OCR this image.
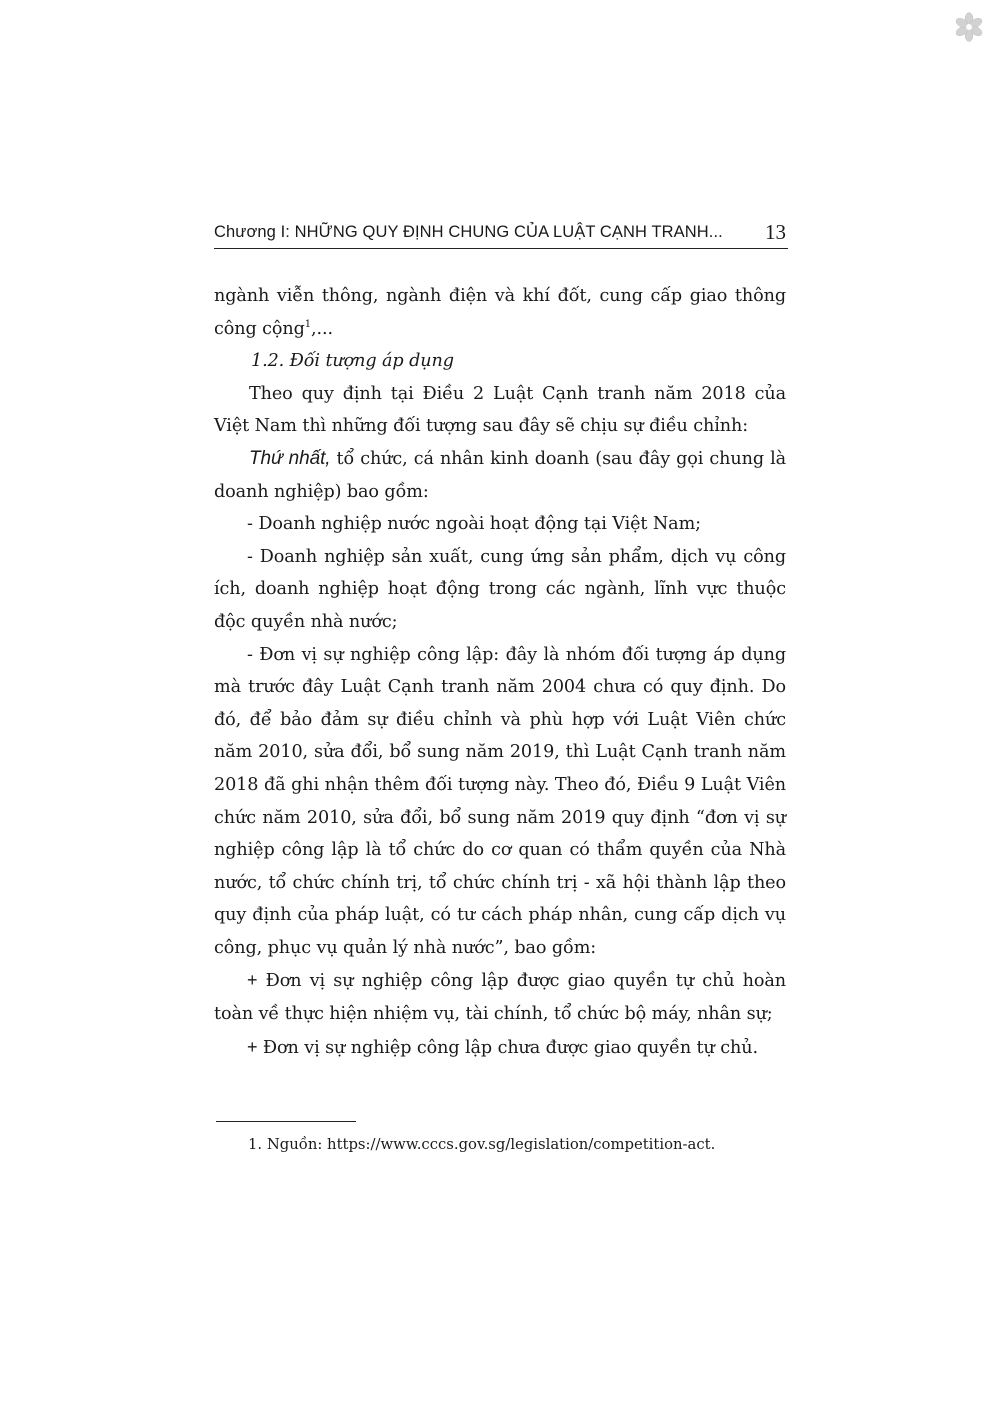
Chương I: NHỮNG QUY ĐỊNH CHUNG CỦA LUẬT CẠNH TRANH... 13

ngành viễn thông, ngành điện và khí đốt, cung cấp giao thông công cộng$^1$,...

1.2. Đối tượng áp dụng

Theo quy định tại Điều 2 Luật Cạnh tranh năm 2018 của Việt Nam thì những đối tượng sau đây sẽ chịu sự điều chỉnh:

Thứ nhất, tổ chức, cá nhân kinh doanh (sau đây gọi chung là doanh nghiệp) bao gồm:

- Doanh nghiệp nước ngoài hoạt động tại Việt Nam;

- Doanh nghiệp sản xuất, cung ứng sản phẩm, dịch vụ công ích, doanh nghiệp hoạt động trong các ngành, lĩnh vực thuộc độc quyền nhà nước;

- Đơn vị sự nghiệp công lập: đây là nhóm đối tượng áp dụng mà trước đây Luật Cạnh tranh năm 2004 chưa có quy định. Do đó, để bảo đảm sự điều chỉnh và phù hợp với Luật Viên chức năm 2010, sửa đổi, bổ sung năm 2019, thì Luật Cạnh tranh năm 2018 đã ghi nhận thêm đối tượng này. Theo đó, Điều 9 Luật Viên chức năm 2010, sửa đổi, bổ sung năm 2019 quy định “đơn vị sự nghiệp công lập là tổ chức do cơ quan có thẩm quyền của Nhà nước, tổ chức chính trị, tổ chức chính trị - xã hội thành lập theo quy định của pháp luật, có tư cách pháp nhân, cung cấp dịch vụ công, phục vụ quản lý nhà nước”, bao gồm:

+ Đơn vị sự nghiệp công lập được giao quyền tự chủ hoàn toàn về thực hiện nhiệm vụ, tài chính, tổ chức bộ máy, nhân sự;

+ Đơn vị sự nghiệp công lập chưa được giao quyền tự chủ.

1. Nguồn: https://www.cccs.gov.sg/legislation/competition-act.
